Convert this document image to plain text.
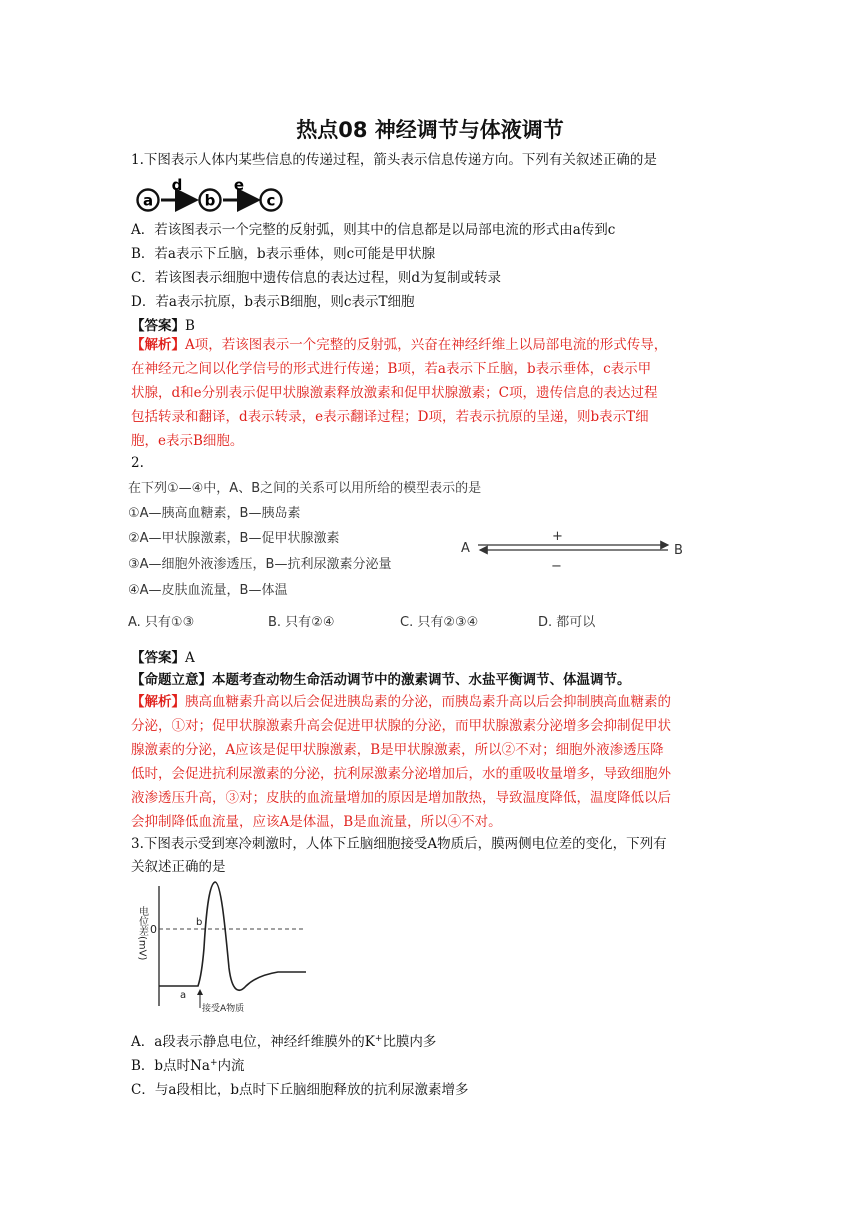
热点08 神经调节与体液调节
1.下图表示人体内某些信息的传递过程，箭头表示信息传递方向。下列有关叙述正确的是
a
d
b
e
c
A．若该图表示一个完整的反射弧，则其中的信息都是以局部电流的形式由a传到c
B．若a表示下丘脑，b表示垂体，则c可能是甲状腺
C．若该图表示细胞中遗传信息的表达过程，则d为复制或转录
D．若a表示抗原，b表示B细胞，则c表示T细胞
【答案】B
【解析】A项，若该图表示一个完整的反射弧，兴奋在神经纤维上以局部电流的形式传导，
在神经元之间以化学信号的形式进行传递；B项，若a表示下丘脑，b表示垂体，c表示甲
状腺，d和e分别表示促甲状腺激素释放激素和促甲状腺激素；C项，遗传信息的表达过程
包括转录和翻译，d表示转录，e表示翻译过程；D项，若表示抗原的呈递，则b表示T细
胞，e表示B细胞。
2.
在下列①—④中，A、B之间的关系可以用所给的模型表示的是
①A—胰高血糖素，B—胰岛素
②A—甲状腺激素，B—促甲状腺激素
③A—细胞外液渗透压，B—抗利尿激素分泌量
④A—皮肤血流量，B—体温
A. 只有①③	B. 只有②④	C. 只有②③④	D. 都可以
A	B
+
−
【答案】A
【命题立意】本题考查动物生命活动调节中的激素调节、水盐平衡调节、体温调节。
【解析】胰高血糖素升高以后会促进胰岛素的分泌，而胰岛素升高以后会抑制胰高血糖素的
分泌，①对；促甲状腺激素升高会促进甲状腺的分泌，而甲状腺激素分泌增多会抑制促甲状
腺激素的分泌，A应该是促甲状腺激素，B是甲状腺激素，所以②不对；细胞外液渗透压降
低时，会促进抗利尿激素的分泌，抗利尿激素分泌增加后，水的重吸收量增多，导致细胞外
液渗透压升高，③对；皮肤的血流量增加的原因是增加散热，导致温度降低，温度降低以后
会抑制降低血流量，应该A是体温，B是血流量，所以④不对。
3.下图表示受到寒冷刺激时，人体下丘脑细胞接受A物质后，膜两侧电位差的变化，下列有
关叙述正确的是
电位差(mV) 0
a
b
接受A物质
A．a段表示静息电位，神经纤维膜外的K+比膜内多
B．b点时Na+内流
C．与a段相比，b点时下丘脑细胞释放的抗利尿激素增多
